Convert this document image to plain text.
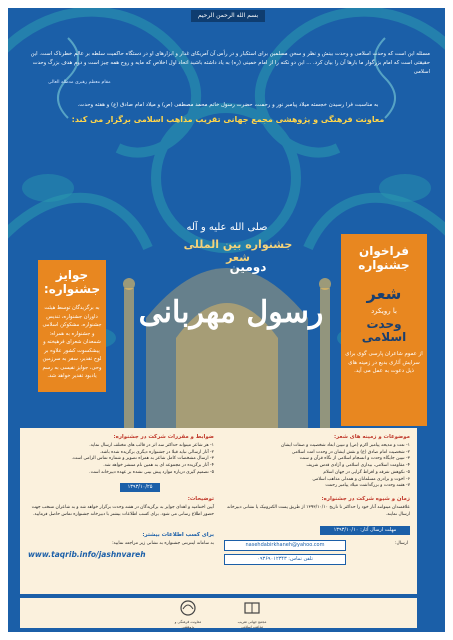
بسم الله الرحمن الرحیم
مسئله این است که وحدت اسلامی و وحدت بینش و نظر و سخن مسلمین برای استکبار و در رأس آن آمریکای غدار و ابزارهای او در دستگاه حاکمیت سلطه بر عالم خطرناک است. این حقیقتی است که امام بزرگوار ما بارها آن را بیان کرد. ... این دو نکته را از امام خمینی (ره) به یاد داشته باشید اتحاد اول اخلاص که مایه و روح همه چیز است و دوم هدف بزرگ وحدت اسلامی
مقام معظم رهبری مدظله العالی
به مناسبت فرا رسیدن خجسته میلاد پیامبر نور و رحمت، حضرت رسول خاتم محمد مصطفی (ص) و میلاد امام صادق (ع) و هفته وحدت.
معاونت فرهنگی و پژوهشی مجمع جهانی تقریب مذاهب اسلامی برگزار می کند:
صلى الله عليه و آله
جشنواره بین المللی شعر
دومین
رسول مهربانی
جوایز جشنواره:
به برگزیدگان توسط هیئت داوران جشنواره، تندیس جشنواره، مشکوکن اسلامی و جشنواره به همراه: شمعدان شعرای فرهیخته و پیشکسوت کشور علاوه بر لوح تقدیر، سفر به سرزمین وحی، جوایز نفیسی به رسم یادبود تقدیر خواهد شد.
فراخوان جشنواره
شعر
با رویکرد
وحدت اسلامی
از عموم شاعران پارسی گوی برای سرایش آثاری بدیع در زمینه های ذیل دعوت به عمل می آید.
موضوعات و زمینه های شعر:
۱- نعت و مدیحه پیامبر اکرم (ص) و تبیین ابعاد شخصیت و صفات ایشان
۲- شخصیت امام صادق (ع) و نقش ایشان در وحدت امت اسلامی
۳- تبیین جایگاه وحدت و انسجام اسلامی از نگاه قرآن و سنت
۴- مقاومت اسلامی، بیداری اسلامی و آزادی قدس شریف
۵- نکوهش تفرقه و افراط گرایی در جهان اسلام
۶- اخوت و برادری مسلمانان و همدلی مذاهب اسلامی
۷- هفته وحدت و بزرگداشت میلاد پیامبر رحمت
زمان و شیوه شرکت در جشنواره:
علاقمندان میتوانند آثار خود را حداکثر تا تاریخ ۱۳۹۳/۱۰/۱۰ از طریق پست الکترونیک یا نشانی دبیرخانه ارسال نمایند.
مهلت ارسال آثار: ۱۳۹۳/۱۰/۱۰
nasehdabirkhaneh@yahoo.com	ارسال:
تلفن تماس: ۰۹۳۶۹۰۱۲۳۴۳
ضوابط و مقررات شرکت در جشنواره:
۱- هر شاعر میتواند حداکثر سه اثر در قالب های مختلف ارسال نماید.
۲- آثار ارسالی نباید قبلا در جشنواره دیگری برگزیده شده باشد.
۳- ارسال مشخصات کامل شاعر به همراه تصویر و شماره تماس الزامی است.
۴- آثار برگزیده در مجموعه ای به همین نام منتشر خواهد شد.
۵- تصمیم گیری درباره موارد پیش بینی نشده بر عهده دبیرخانه است.
۱۳۹۳/۱۰/۲۵
توضیحات:
آیین اختتامیه و اهدای جوایز به برگزیدگان در هفته وحدت برگزار خواهد شد و به شاعران منتخب جهت حضور اطلاع رسانی می شود. برای کسب اطلاعات بیشتر با دبیرخانه جشنواره تماس حاصل فرمایید.
برای کسب اطلاعات بیشتر:
به سامانه اینترنتی جشنواره به نشانی زیر مراجعه نمایید:
www.taqrib.info/jashnvareh
معاونت فرهنگی و پژوهشی
مجمع جهانی تقریب مذاهب اسلامی
